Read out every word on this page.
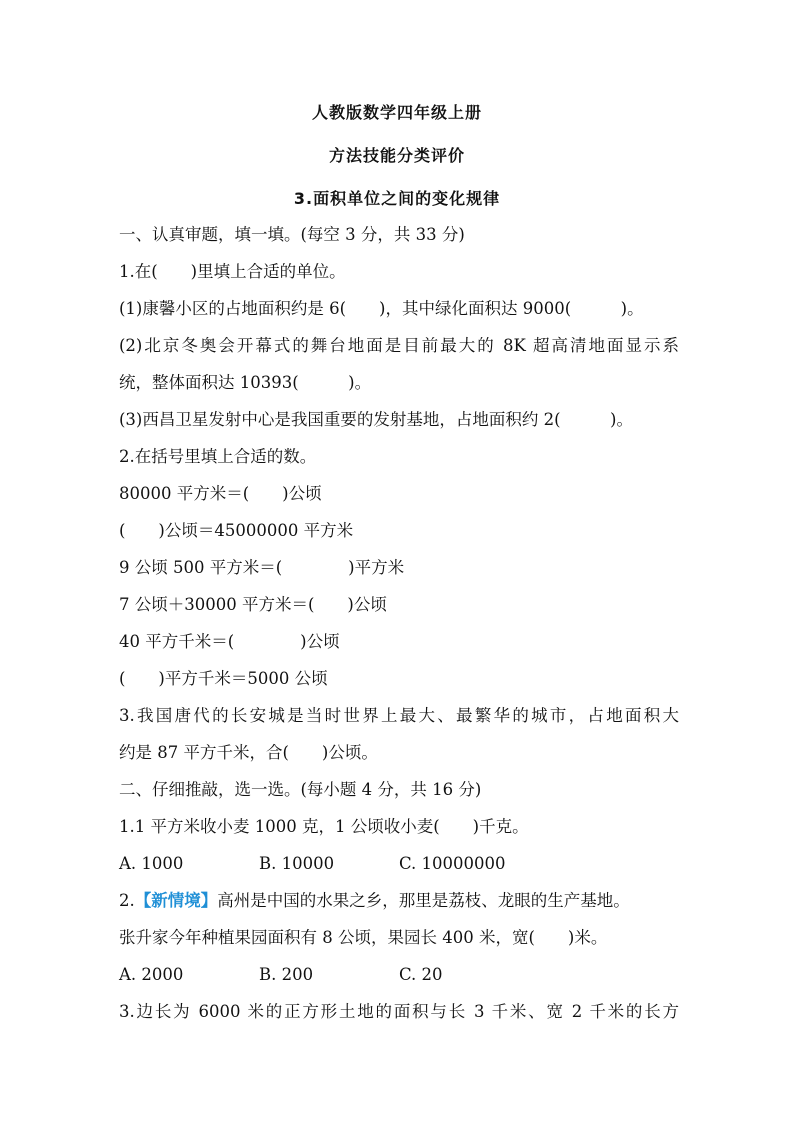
人教版数学四年级上册
方法技能分类评价
3.面积单位之间的变化规律
一、认真审题，填一填。(每空 3 分，共 33 分)
1.在(　　)里填上合适的单位。
(1)康馨小区的占地面积约是 6(　　)，其中绿化面积达 9000(　　　)。
(2)北京冬奥会开幕式的舞台地面是目前最大的 8K 超高清地面显示系
统，整体面积达 10393(　　　)。
(3)西昌卫星发射中心是我国重要的发射基地，占地面积约 2(　　　)。
2.在括号里填上合适的数。
80000 平方米＝(　　)公顷
(　　)公顷＝45000000 平方米
9 公顷 500 平方米＝(　　　　)平方米
7 公顷＋30000 平方米＝(　　)公顷
40 平方千米＝(　　　　)公顷
(　　)平方千米＝5000 公顷
3.我国唐代的长安城是当时世界上最大、最繁华的城市，占地面积大
约是 87 平方千米，合(　　)公顷。
二、仔细推敲，选一选。(每小题 4 分，共 16 分)
1.1 平方米收小麦 1000 克，1 公顷收小麦(　　)千克。
A. 1000	B. 10000	C. 10000000
2.【新情境】高州是中国的水果之乡，那里是荔枝、龙眼的生产基地。
张升家今年种植果园面积有 8 公顷，果园长 400 米，宽(　　)米。
A. 2000	B. 200	C. 20
3.边长为 6000 米的正方形土地的面积与长 3 千米、宽 2 千米的长方
